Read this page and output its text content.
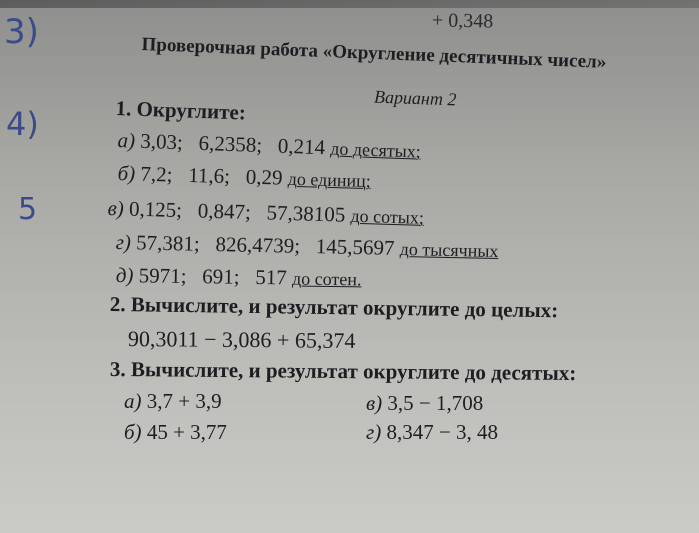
+ 0,348
3)
4)
5
Проверочная работа «Округление десятичных чисел»
Вариант 2
1. Округлите:
а) 3,03;   6,2358;   0,214 до десятых;
б) 7,2;   11,6;   0,29 до единиц;
в) 0,125;   0,847;   57,38105 до сотых;
г) 57,381;   826,4739;   145,5697 до тысячных
д) 5971;   691;   517 до сотен.
2. Вычислите, и результат округлите до целых:
90,3011 − 3,086 + 65,374
3. Вычислите, и результат округлите до десятых:
а) 3,7 + 3,9	в) 3,5 − 1,708
б) 45 + 3,77	г) 8,347 − 3, 48
